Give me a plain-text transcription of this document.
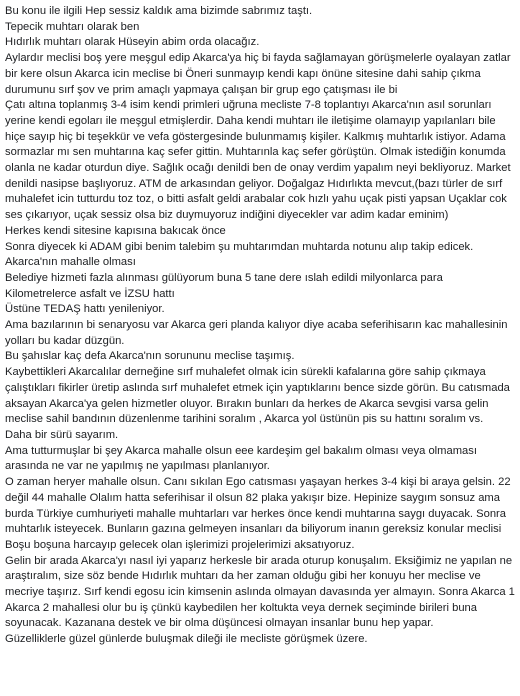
Bu konu ile ilgili Hep sessiz kaldık ama bizimde sabrımız taştı.

Tepecik muhtarı olarak ben

Hıdırlık muhtarı olarak Hüseyin abim orda olacağız.

Aylardır meclisi boş yere meşgul edip Akarca'ya hiç bi fayda sağlamayan görüşmelerle oyalayan zatlar bir kere olsun Akarca icin meclise bi Öneri sunmayıp kendi kapı önüne sitesine dahi sahip çıkma durumunu sırf şov ve prim amaçlı yapmaya çalışan bir grup ego çatışması ile bi

Çatı altına toplanmış 3-4 isim kendi primleri uğruna mecliste 7-8 toplantıyı Akarca'nın asıl sorunları yerine kendi egoları ile meşgul etmişlerdir. Daha kendi muhtarı ile iletişime olamayıp yapılanları bile hiçe sayıp hiç bi teşekkür ve vefa göstergesinde bulunmamış kişiler. Kalkmış muhtarlık istiyor. Adama sormazlar mı sen muhtarına kaç sefer gittin. Muhtarınla kaç sefer görüştün. Olmak istediğin konumda olanla ne kadar oturdun diye. Sağlık ocağı denildi ben de onay verdim yapalım neyi bekliyoruz. Market denildi nasipse başlıyoruz. ATM de arkasından geliyor. Doğalgaz Hıdırlıkta mevcut,(bazı türler de sırf muhalefet icin tutturdu toz toz, o bitti asfalt geldi arabalar cok hızlı yahu uçak pisti yapsan Uçaklar cok ses çıkarıyor, uçak sessiz olsa biz duymuyoruz indiğini diyecekler var adim kadar eminim)

Herkes kendi sitesine kapısına bakıcak önce

Sonra diyecek ki ADAM gibi benim talebim şu muhtarımdan muhtarda notunu alıp takip edicek.

Akarca'nın mahalle olması

Belediye hizmeti fazla alınması gülüyorum buna 5 tane dere ıslah edildi milyonlarca para

Kilometrelerce asfalt ve İZSU hattı

Üstüne TEDAŞ hattı yenileniyor.

Ama bazılarının bi senaryosu var Akarca geri planda kalıyor diye acaba seferihisarın kac mahallesinin yolları bu kadar düzgün.

Bu şahıslar kaç defa Akarca'nın sorununu meclise taşımış.

Kaybettikleri Akarcalılar derneğine sırf muhalefet olmak icin sürekli kafalarına göre sahip çıkmaya çalıştıkları fikirler üretip aslında sırf muhalefet etmek için yaptıklarını bence sizde görün. Bu catısmada aksayan Akarca'ya gelen hizmetler oluyor. Bırakın bunları da herkes de Akarca sevgisi varsa gelin meclise sahil bandının düzenlenme tarihini soralım , Akarca yol üstünün pis su hattını soralım vs.

Daha bir sürü sayarım.

Ama tutturmuşlar bi şey Akarca mahalle olsun eee kardeşim gel bakalım olması veya olmaması arasında ne var ne yapılmış ne yapılması planlanıyor.

O zaman heryer mahalle olsun. Canı sıkılan Ego catısması yaşayan herkes 3-4 kişi bi araya gelsin. 22 değil 44 mahalle Olalım hatta seferihisar il olsun 82 plaka yakışır bize. Hepinize saygım sonsuz ama burda Türkiye cumhuriyeti mahalle muhtarları var herkes önce kendi muhtarına saygı duyacak. Sonra muhtarlık isteyecek. Bunların gazına gelmeyen insanları da biliyorum inanın gereksiz konular meclisi Boşu boşuna harcayıp gelecek olan işlerimizi projelerimizi aksatıyoruz.

Gelin bir arada Akarca'yı nasıl iyi yaparız herkesle bir arada oturup konuşalım. Eksiğimiz ne yapılan ne araştıralım, size söz bende Hıdırlık muhtarı da her zaman olduğu gibi her konuyu her meclise ve mecriye taşırız. Sırf kendi egosu icin kimsenin aslında olmayan davasında yer almayın. Sonra Akarca 1 Akarca 2 mahallesi olur bu iş çünkü kaybedilen her koltukta veya dernek seçiminde birileri buna soyunacak. Kazanana destek ve bir olma düşüncesi olmayan insanlar bunu hep yapar.

Güzelliklerle güzel günlerde buluşmak dileği ile mecliste görüşmek üzere.
